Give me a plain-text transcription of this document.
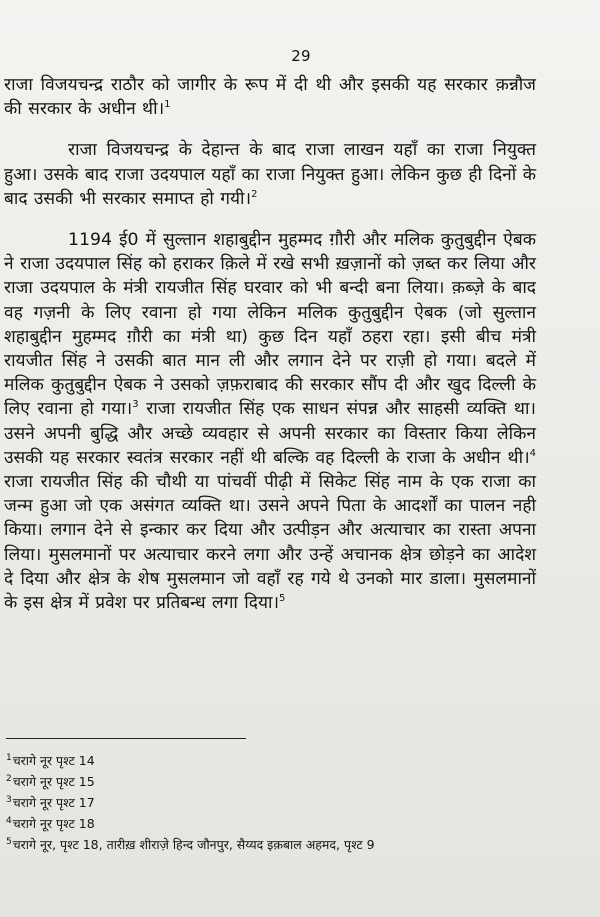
29

राजा विजयचन्द्र राठौर को जागीर के रूप में दी थी और इसकी यह सरकार क़न्नौज की सरकार के अधीन थी।$^1$

राजा विजयचन्द्र के देहान्त के बाद राजा लाखन यहाँ का राजा नियुक्त हुआ। उसके बाद राजा उदयपाल यहाँ का राजा नियुक्त हुआ। लेकिन कुछ ही दिनों के बाद उसकी भी सरकार समाप्त हो गयी।$^2$

1194 ई0 में सुल्तान शहाबुद्दीन मुहम्मद ग़ौरी और मलिक कुतुबुद्दीन ऐबक ने राजा उदयपाल सिंह को हराकर क़िले में रखे सभी ख़ज़ानों को ज़ब्त कर लिया और राजा उदयपाल के मंत्री रायजीत सिंह घरवार को भी बन्दी बना लिया। क़ब्ज़े के बाद वह गज़नी के लिए रवाना हो गया लेकिन मलिक कुतुबुद्दीन ऐबक (जो सुल्तान शहाबुद्दीन मुहम्मद ग़ौरी का मंत्री था) कुछ दिन यहाँ ठहरा रहा। इसी बीच मंत्री रायजीत सिंह ने उसकी बात मान ली और लगान देने पर राज़ी हो गया। बदले में मलिक कुतुबुद्दीन ऐबक ने उसको ज़फ़राबाद की सरकार सौंप दी और खुद दिल्ली के लिए रवाना हो गया।$^3$ राजा रायजीत सिंह एक साधन संपन्न और साहसी व्यक्ति था। उसने अपनी बुद्धि और अच्छे व्यवहार से अपनी सरकार का विस्तार किया लेकिन उसकी यह सरकार स्वतंत्र सरकार नहीं थी बल्कि वह दिल्ली के राजा के अधीन थी।$^4$ राजा रायजीत सिंह की चौथी या पांचवीं पीढ़ी में सिकेट सिंह नाम के एक राजा का जन्म हुआ जो एक असंगत व्यक्ति था। उसने अपने पिता के आदर्शों का पालन नही किया। लगान देने से इन्कार कर दिया और उत्पीड़न और अत्याचार का रास्ता अपना लिया। मुसलमानों पर अत्याचार करने लगा और उन्हें अचानक क्षेत्र छोड़ने का आदेश दे दिया और क्षेत्र के शेष मुसलमान जो वहाँ रह गये थे उनको मार डाला। मुसलमानों के इस क्षेत्र में प्रवेश पर प्रतिबन्ध लगा दिया।$^5$

$^1$चरागे नूर पृश्ट 14
$^2$चरागे नूर पृश्ट 15
$^3$चरागे नूर पृश्ट 17
$^4$चरागे नूर पृश्ट 18
$^5$चरागे नूर, पृश्ट 18, तारीख़ शीराज़े हिन्द जौनपुर, सैय्यद इक़बाल अहमद, पृश्ट 9
